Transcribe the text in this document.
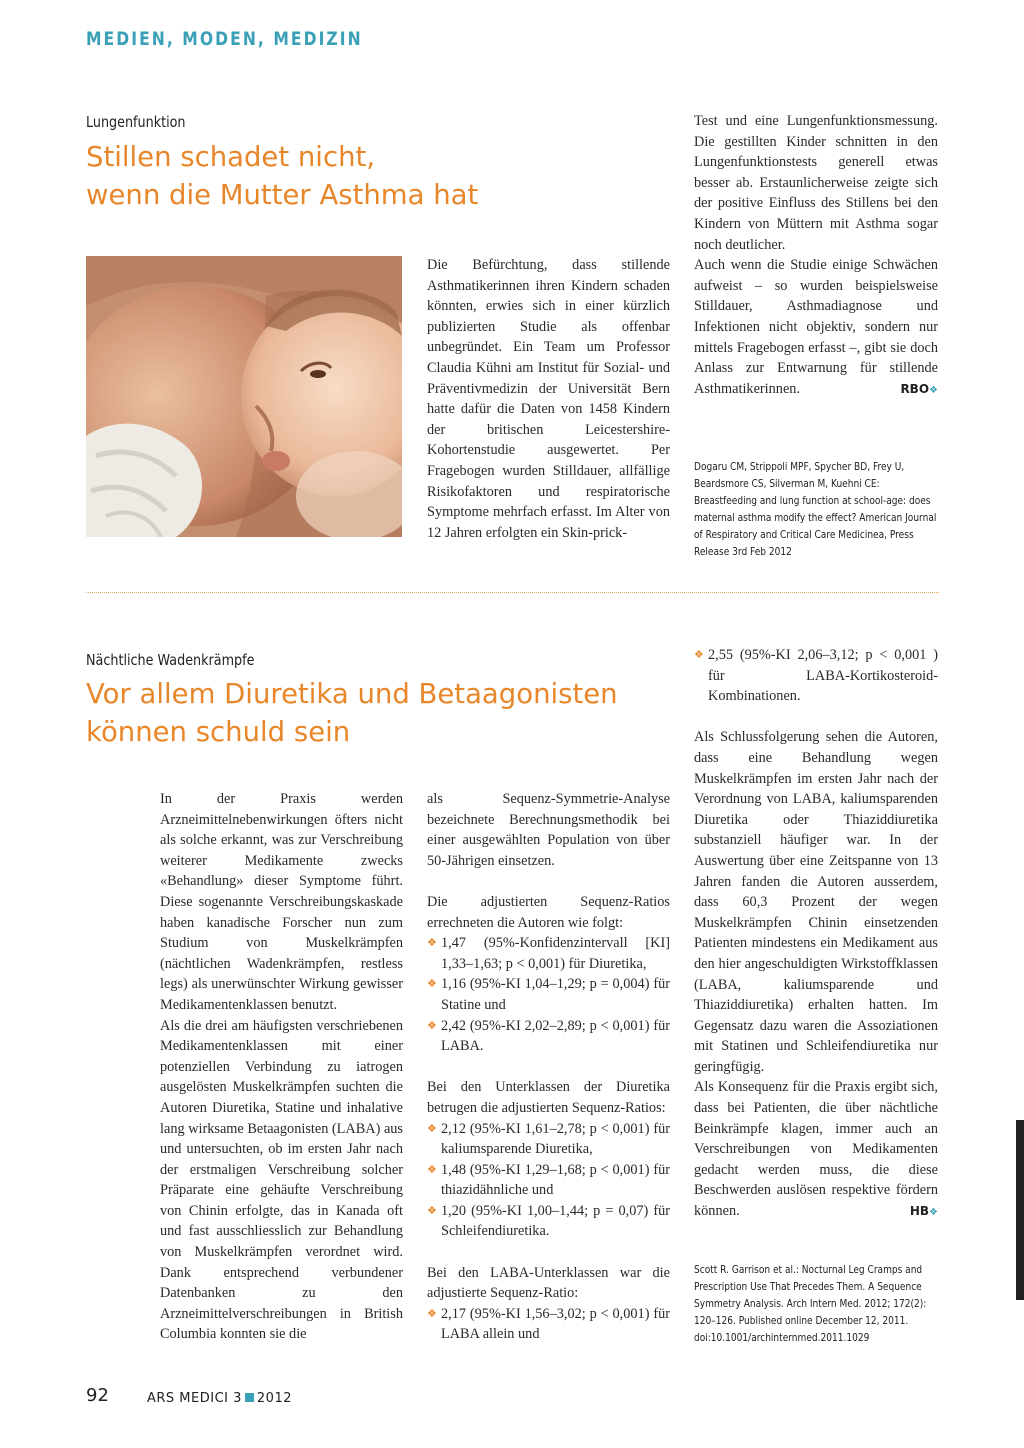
MEDIEN, MODEN, MEDIZIN
Lungenfunktion
Stillen schadet nicht,
wenn die Mutter Asthma hat

Die Befürchtung, dass stillende Asthmatikerinnen ihren Kindern schaden könnten, erwies sich in einer kürzlich publizierten Studie als offenbar unbegründet. Ein Team um Professor Claudia Kühni am Institut für Sozial- und Präventivmedizin der Universität Bern hatte dafür die Daten von 1458 Kindern der britischen Leicestershire-Kohortenstudie ausgewertet. Per Fragebogen wurden Stilldauer, allfällige Risikofaktoren und respiratorische Symptome mehrfach erfasst. Im Alter von 12 Jahren erfolgten ein Skin-prick-

Test und eine Lungenfunktionsmessung. Die gestillten Kinder schnitten in den Lungenfunktionstests generell etwas besser ab. Erstaunlicherweise zeigte sich der positive Einfluss des Stillens bei den Kindern von Müttern mit Asthma sogar noch deutlicher.

Auch wenn die Studie einige Schwächen aufweist – so wurden beispielsweise Stilldauer, Asthmadiagnose und Infektionen nicht objektiv, sondern nur mittels Fragebogen erfasst –, gibt sie doch Anlass zur Entwarnung für stillende Asthmatikerinnen.	RBO❖

Dogaru CM, Strippoli MPF, Spycher BD, Frey U, Beardsmore CS, Silverman M, Kuehni CE: Breastfeeding and lung function at school-age: does maternal asthma modify the effect? American Journal of Respiratory and Critical Care Medicinea, Press Release 3rd Feb 2012
Nächtliche Wadenkrämpfe
Vor allem Diuretika und Betaagonisten
können schuld sein

In der Praxis werden Arzneimittelnebenwirkungen öfters nicht als solche erkannt, was zur Verschreibung weiterer Medikamente zwecks «Behandlung» dieser Symptome führt. Diese sogenannte Verschreibungskaskade haben kanadische Forscher nun zum Studium von Muskelkrämpfen (nächtlichen Wadenkrämpfen, restless legs) als unerwünschter Wirkung gewisser Medikamentenklassen benutzt.

Als die drei am häufigsten verschriebenen Medikamentenklassen mit einer potenziellen Verbindung zu iatrogen ausgelösten Muskelkrämpfen suchten die Autoren Diuretika, Statine und inhalative lang wirksame Betaagonisten (LABA) aus und untersuchten, ob im ersten Jahr nach der erstmaligen Verschreibung solcher Präparate eine gehäufte Verschreibung von Chinin erfolgte, das in Kanada oft und fast ausschliesslich zur Behandlung von Muskelkrämpfen verordnet wird. Dank entsprechend verbundener Datenbanken zu den Arzneimittelverschreibungen in British Columbia konnten sie die

als Sequenz-Symmetrie-Analyse bezeichnete Berechnungsmethodik bei einer ausgewählten Population von über 50-Jährigen einsetzen.

Die adjustierten Sequenz-Ratios errechneten die Autoren wie folgt:

❖ 1,47 (95%-Konfidenzintervall [KI] 1,33–1,63; p < 0,001) für Diuretika,
❖ 1,16 (95%-KI 1,04–1,29; p = 0,004) für Statine und
❖ 2,42 (95%-KI 2,02–2,89; p < 0,001) für LABA.

Bei den Unterklassen der Diuretika betrugen die adjustierten Sequenz-Ratios:

❖ 2,12 (95%-KI 1,61–2,78; p < 0,001) für kaliumsparende Diuretika,
❖ 1,48 (95%-KI 1,29–1,68; p < 0,001) für thiazidähnliche und
❖ 1,20 (95%-KI 1,00–1,44; p = 0,07) für Schleifendiuretika.

Bei den LABA-Unterklassen war die adjustierte Sequenz-Ratio:

❖ 2,17 (95%-KI 1,56–3,02; p < 0,001) für LABA allein und
❖ 2,55 (95%-KI 2,06–3,12; p < 0,001 ) für LABA-Kortikosteroid-Kombinationen.

Als Schlussfolgerung sehen die Autoren, dass eine Behandlung wegen Muskelkrämpfen im ersten Jahr nach der Verordnung von LABA, kaliumsparenden Diuretika oder Thiaziddiuretika substanziell häufiger war. In der Auswertung über eine Zeitspanne von 13 Jahren fanden die Autoren ausserdem, dass 60,3 Prozent der wegen Muskelkrämpfen Chinin einsetzenden Patienten mindestens ein Medikament aus den hier angeschuldigten Wirkstoffklassen (LABA, kaliumsparende und Thiaziddiuretika) erhalten hatten. Im Gegensatz dazu waren die Assoziationen mit Statinen und Schleifendiuretika nur geringfügig.

Als Konsequenz für die Praxis ergibt sich, dass bei Patienten, die über nächtliche Beinkrämpfe klagen, immer auch an Verschreibungen von Medikamenten gedacht werden muss, die diese Beschwerden auslösen respektive fördern können.	HB❖

Scott R. Garrison et al.: Nocturnal Leg Cramps and Prescription Use That Precedes Them. A Sequence Symmetry Analysis. Arch Intern Med. 2012; 172(2): 120–126. Published online December 12, 2011. doi:10.1001/archinternmed.2011.1029
92	ARS MEDICI 3 2012
